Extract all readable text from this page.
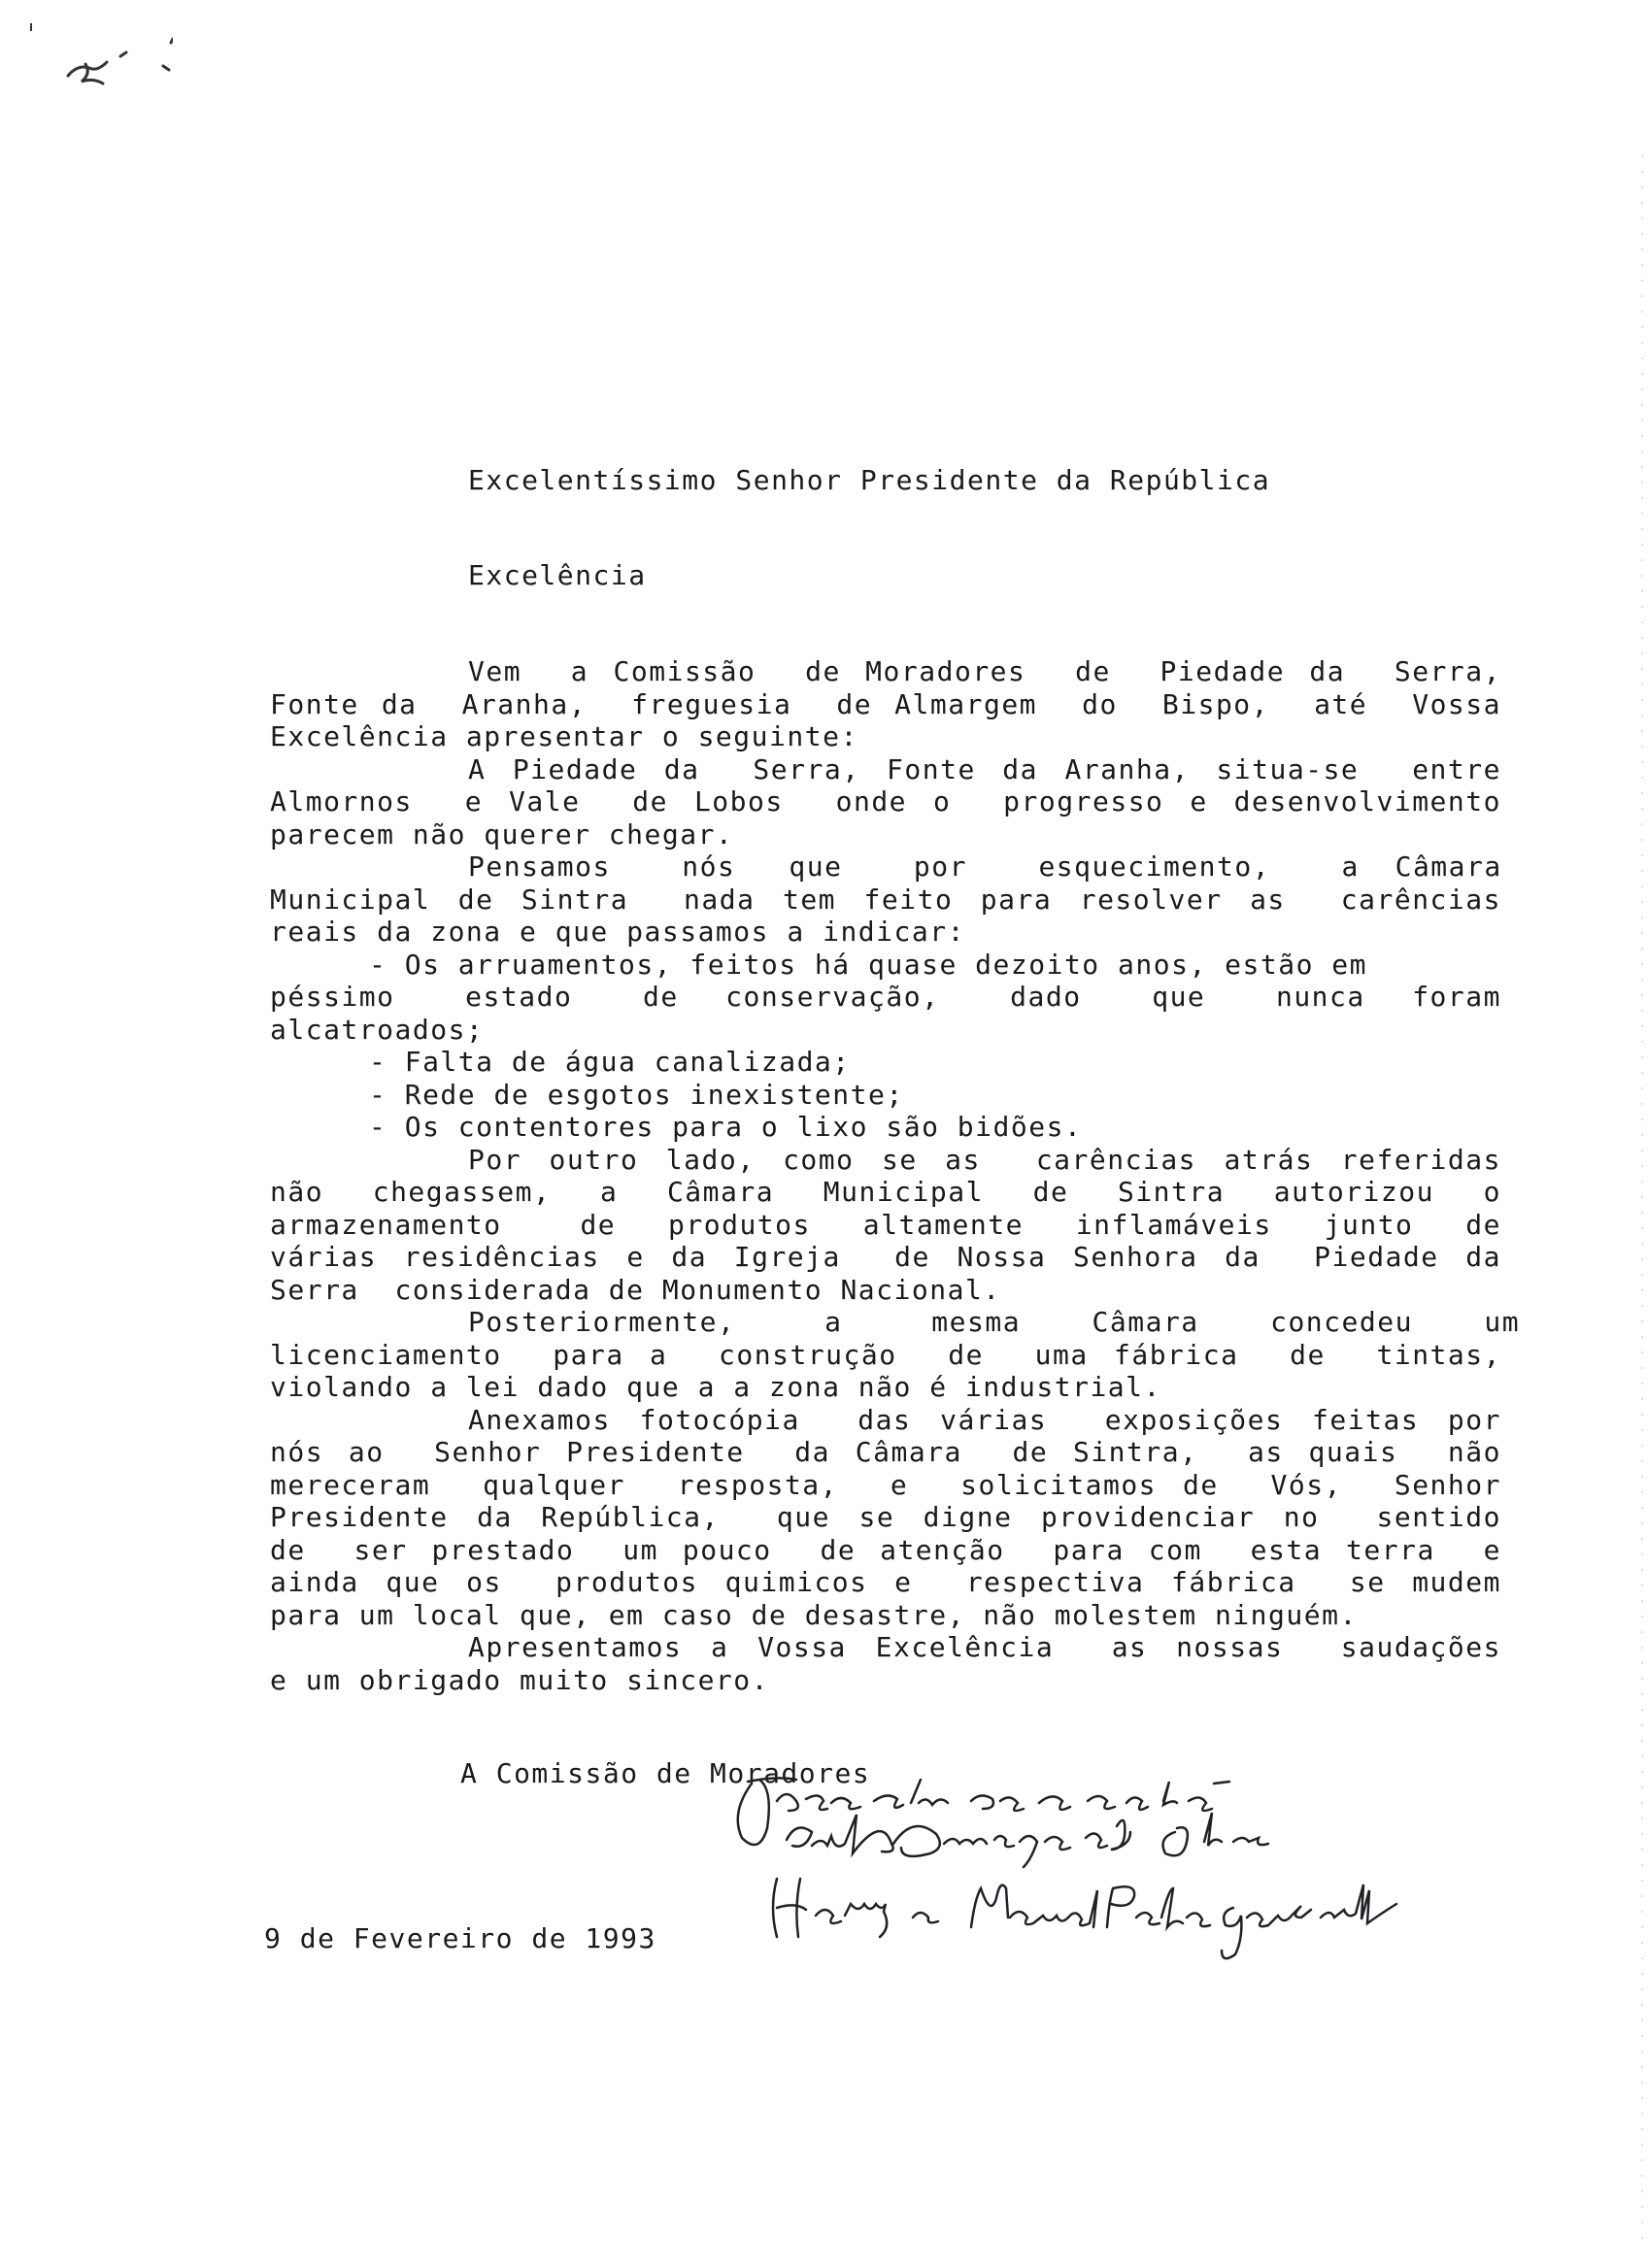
Excelentíssimo Senhor Presidente da República
Excelência
Vem  a Comissão  de Moradores  de  Piedade da  Serra,
Fonte da  Aranha,  freguesia  de Almargem  do  Bispo,  até  Vossa
Excelência apresentar o seguinte:
A Piedade da  Serra, Fonte da Aranha, situa-se  entre
Almornos  e Vale  de Lobos  onde o  progresso e desenvolvimento
parecem não querer chegar.
Pensamos    nós   que    por    esquecimento,    a  Câmara
Municipal de Sintra  nada tem feito para resolver as  carências
reais da zona e que passamos a indicar:
- Os arruamentos, feitos há quase dezoito anos, estão em
péssimo   estado   de  conservação,   dado   que   nunca  foram
alcatroados;
- Falta de água canalizada;
- Rede de esgotos inexistente;
- Os contentores para o lixo são bidões.
Por outro lado, como se as  carências atrás referidas
não  chegassem,  a  Câmara  Municipal  de  Sintra  autorizou  o
armazenamento   de  produtos  altamente  inflamáveis  junto  de
várias residências e da Igreja  de Nossa Senhora da  Piedade da
Serra  considerada de Monumento Nacional.
Posteriormente,     a     mesma    Câmara    concedeu    um
licenciamento  para a  construção  de  uma fábrica  de  tintas,
violando a lei dado que a a zona não é industrial.
Anexamos fotocópia  das várias  exposições feitas por
nós ao  Senhor Presidente  da Câmara  de Sintra,  as quais  não
mereceram  qualquer  resposta,  e  solicitamos de  Vós,  Senhor
Presidente da República,  que se digne providenciar no  sentido
de  ser prestado  um pouco  de atenção  para com  esta terra  e
ainda que os  produtos quimicos e  respectiva fábrica  se mudem
para um local que, em caso de desastre, não molestem ninguém.
Apresentamos a Vossa Excelência  as nossas  saudações
e um obrigado muito sincero.
A Comissão de Moradores
9 de Fevereiro de 1993
